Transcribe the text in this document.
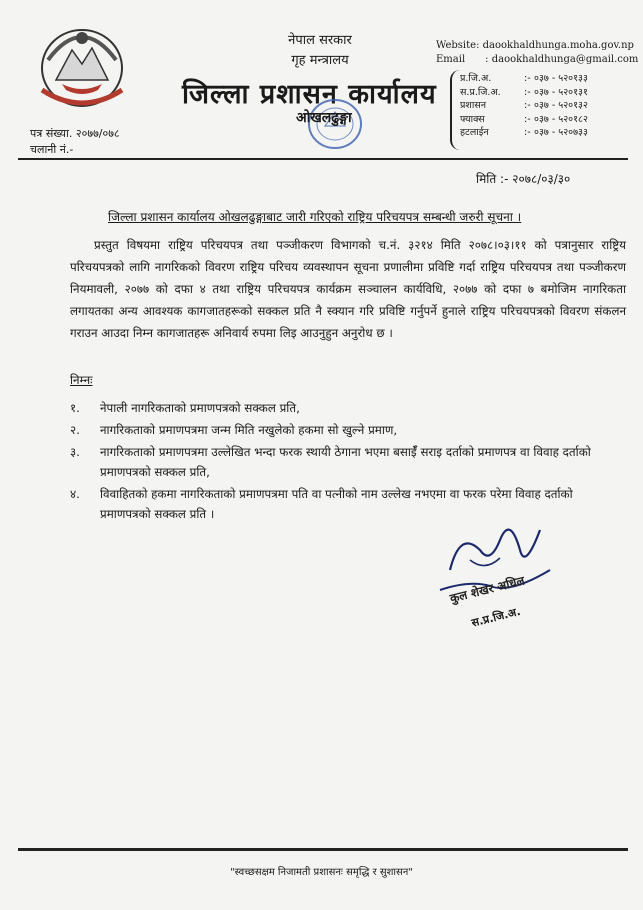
नेपाल सरकार
गृह मन्त्रालय
जिल्ला प्रशासन कार्यालय
ओखलढुङ्गा
Website: daookhaldhunga.moha.gov.np
Email : daookhaldhunga@gmail.com
प्र.जि.अ.	:- ०३७ - ५२०१३३
स.प्र.जि.अ.	:- ०३७ - ५२०१३१
प्रशासन	:- ०३७ - ५२०१३२
फ्याक्स	:- ०३७ - ५२०१८२
हटलाईन	:- ०३७ - ५२०७३३
पत्र संख्या. २०७७/०७८
चलानी नं.-
मिति :- २०७८/०३/३०
जिल्ला प्रशासन कार्यालय ओखलढुङ्गाबाट जारी गरिएको राष्ट्रिय परिचयपत्र सम्बन्धी जरुरी सूचना ।
प्रस्तुत विषयमा राष्ट्रिय परिचयपत्र तथा पञ्जीकरण विभागको च.नं. ३२१४ मिति २०७८।०३।११ को पत्रानुसार राष्ट्रिय परिचयपत्रको लागि नागरिकको विवरण राष्ट्रिय परिचय व्यवस्थापन सूचना प्रणालीमा प्रविष्टि गर्दा राष्ट्रिय परिचयपत्र तथा पञ्जीकरण नियमावली, २०७७ को दफा ४ तथा राष्ट्रिय परिचयपत्र कार्यक्रम सञ्चालन कार्यविधि, २०७७ को दफा ७ बमोजिम नागरिकता लगायतका अन्य आवश्यक कागजातहरूको सक्कल प्रति नै स्क्यान गरि प्रविष्टि गर्नुपर्ने हुनाले राष्ट्रिय परिचयपत्रको विवरण संकलन गराउन आउदा निम्न कागजातहरू अनिवार्य रुपमा लिइ आउनुहुन अनुरोध छ ।
निम्नः
१.	नेपाली नागरिकताको प्रमाणपत्रको सक्कल प्रति,
२.	नागरिकताको प्रमाणपत्रमा जन्म मिति नखुलेको हकमा सो खुल्ने प्रमाण,
३.	नागरिकताको प्रमाणपत्रमा उल्लेखित भन्दा फरक स्थायी ठेगाना भएमा बसाईँ सराइ दर्ताको प्रमाणपत्र वा विवाह दर्ताको प्रमाणपत्रको सक्कल प्रति,
४.	विवाहितको हकमा नागरिकताको प्रमाणपत्रमा पति वा पत्नीको नाम उल्लेख नभएमा वा फरक परेमा विवाह दर्ताको प्रमाणपत्रको सक्कल प्रति ।
कुल शेखर अधिल
स.प्र.जि.अ.
"स्वच्छसक्षम निजामती प्रशासनः समृद्धि र सुशासन"
